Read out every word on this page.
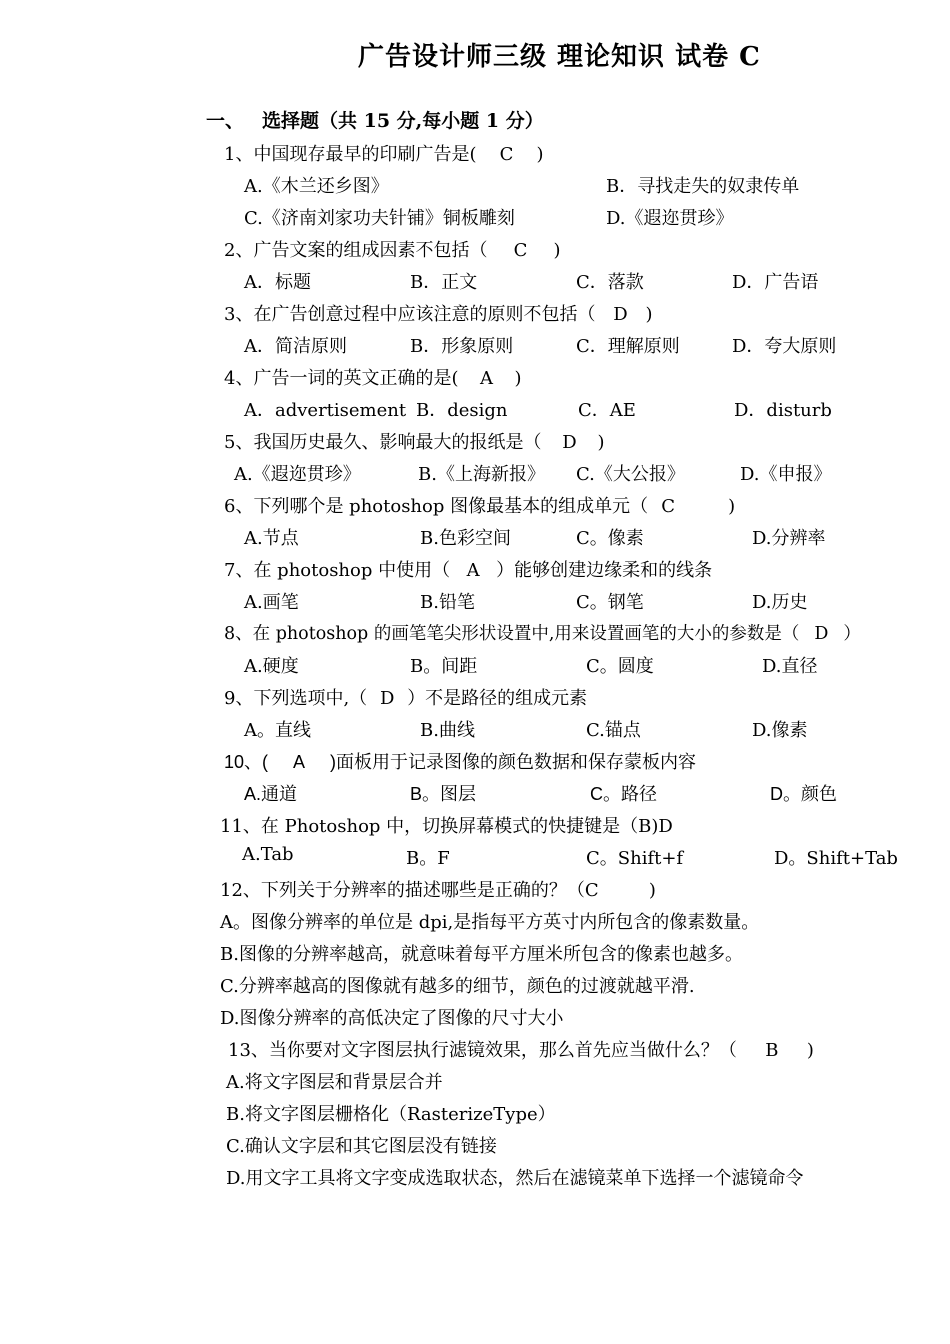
广告设计师三级 理论知识 试卷 C
一、 选择题（共 15 分,每小题 1 分）
1、中国现存最早的印刷广告是( C )
A.《木兰还乡图》	B．寻找走失的奴隶传单
C.《济南刘家功夫针铺》铜板雕刻	D.《遐迩贯珍》
2、广告文案的组成因素不包括（ C )
A．标题	B．正文	C．落款	D．广告语
3、在广告创意过程中应该注意的原则不包括（ D )
A．简洁原则	B．形象原则	C．理解原则	D．夸大原则
4、广告一词的英文正确的是( A )
A．advertisement B．design	C．AE	D．disturb
5、我国历史最久、影响最大的报纸是（ D )
A.《遐迩贯珍》	B.《上海新报》 C.《大公报》	D.《申报》
6、下列哪个是 photoshop 图像最基本的组成单元（ C	)
A.节点	B.色彩空间	C。像素	D.分辨率
7、在 photoshop 中使用（ A ）能够创建边缘柔和的线条
A.画笔	B.铅笔	C。钢笔	D.历史
8、在 photoshop 的画笔笔尖形状设置中,用来设置画笔的大小的参数是（ D ）
A.硬度	B。间距	C。圆度	D.直径
9、下列选项中,（ D ）不是路径的组成元素
A。直线	B.曲线	C.锚点	D.像素
10、( A )面板用于记录图像的颜色数据和保存蒙板内容
A.通道	B。图层	C。路径	D。颜色
11、在 Photoshop 中，切换屏幕模式的快捷键是（B)D
A.Tab	B。F	C。Shift+f	D。Shift+Tab
12、下列关于分辨率的描述哪些是正确的？（C	)
A。图像分辨率的单位是 dpi,是指每平方英寸内所包含的像素数量。
B.图像的分辨率越高，就意味着每平方厘米所包含的像素也越多。
C.分辨率越高的图像就有越多的细节，颜色的过渡就越平滑.
D.图像分辨率的高低决定了图像的尺寸大小
13、当你要对文字图层执行滤镜效果，那么首先应当做什么？（ B )
A.将文字图层和背景层合并
B.将文字图层栅格化（RasterizeType）
C.确认文字层和其它图层没有链接
D.用文字工具将文字变成选取状态，然后在滤镜菜单下选择一个滤镜命令
